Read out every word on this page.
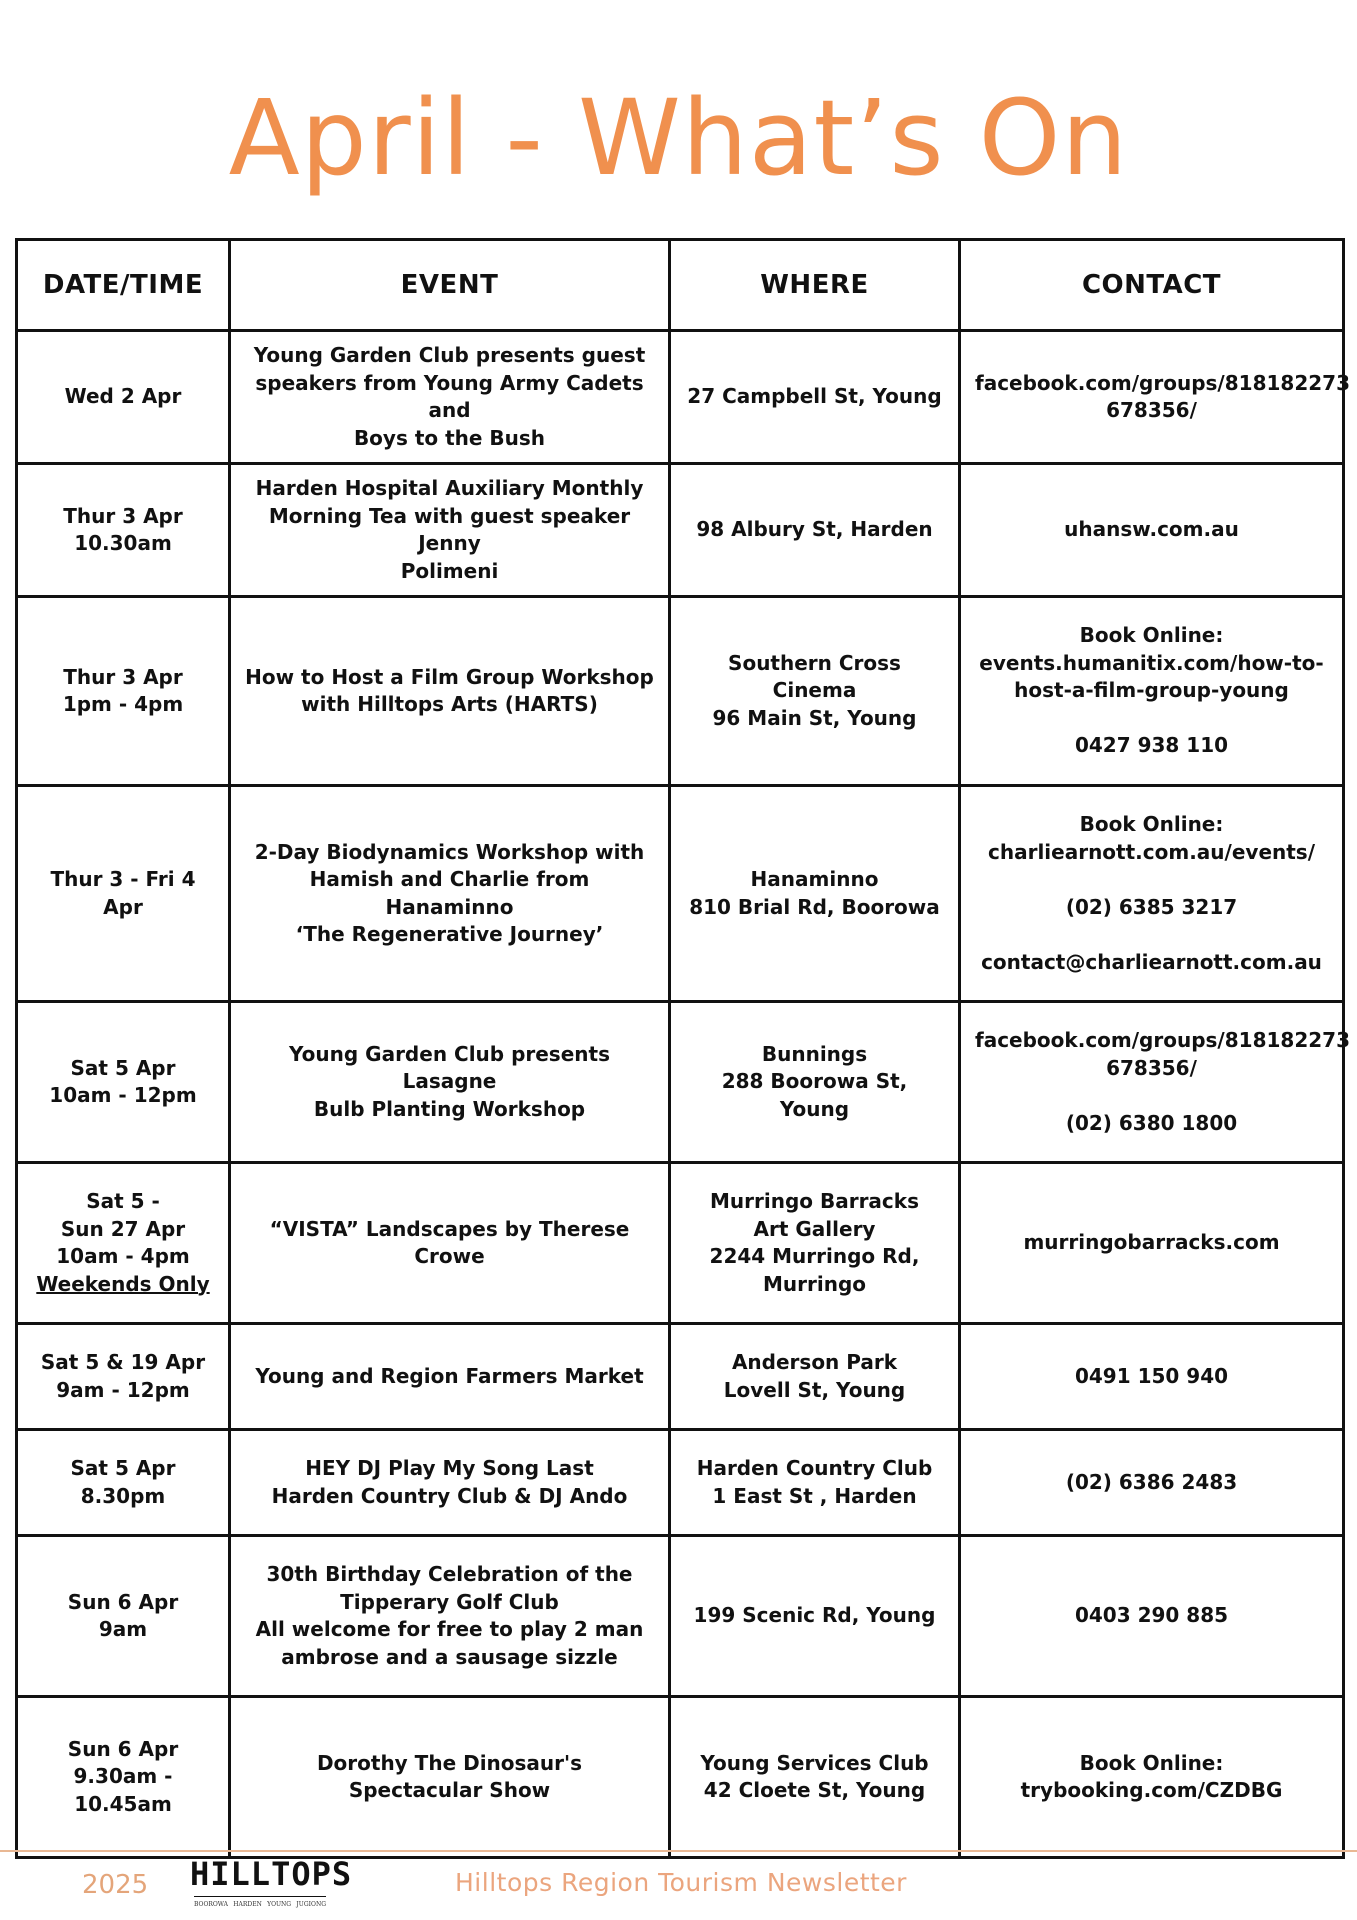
April - What’s On
DATE/TIME	EVENT	WHERE	CONTACT

Wed 2 Apr	Young Garden Club presents guest
speakers from Young Army Cadets and
Boys to the Bush	27 Campbell St, Young	facebook.com/groups/818182273
678356/

Thur 3 Apr
10.30am	Harden Hospital Auxiliary Monthly
Morning Tea with guest speaker Jenny
Polimeni	98 Albury St, Harden	uhansw.com.au

Thur 3 Apr
1pm - 4pm	How to Host a Film Group Workshop
with Hilltops Arts (HARTS)	Southern Cross Cinema
96 Main St, Young	Book Online:
events.humanitix.com/how-to-
host-a-film-group-young
0427 938 110

Thur 3 - Fri 4 Apr	2-Day Biodynamics Workshop with
Hamish and Charlie from Hanaminno
‘The Regenerative Journey’	Hanaminno
810 Brial Rd, Boorowa	Book Online:
charliearnott.com.au/events/
(02) 6385 3217
contact@charliearnott.com.au

Sat 5 Apr
10am - 12pm	Young Garden Club presents Lasagne
Bulb Planting Workshop	Bunnings
288 Boorowa St, Young	facebook.com/groups/818182273
678356/
(02) 6380 1800

Sat 5 -
Sun 27 Apr
10am - 4pm
Weekends Only	“VISTA” Landscapes by Therese Crowe	Murringo Barracks
Art Gallery
2244 Murringo Rd,
Murringo	murringobarracks.com

Sat 5 & 19 Apr
9am - 12pm	Young and Region Farmers Market	Anderson Park
Lovell St, Young	0491 150 940

Sat 5 Apr
8.30pm	HEY DJ Play My Song Last
Harden Country Club & DJ Ando	Harden Country Club
1 East St , Harden	(02) 6386 2483

Sun 6 Apr
9am	30th Birthday Celebration of the
Tipperary Golf Club
All welcome for free to play 2 man
ambrose and a sausage sizzle	199 Scenic Rd, Young	0403 290 885

Sun 6 Apr
9.30am -
10.45am	Dorothy The Dinosaur's
Spectacular Show	Young Services Club
42 Cloete St, Young	Book Online:
trybooking.com/CZDBG
2025 HILLTOPS
BOOROWA HARDEN YOUNG JUGIONG
Hilltops Region Tourism Newsletter
